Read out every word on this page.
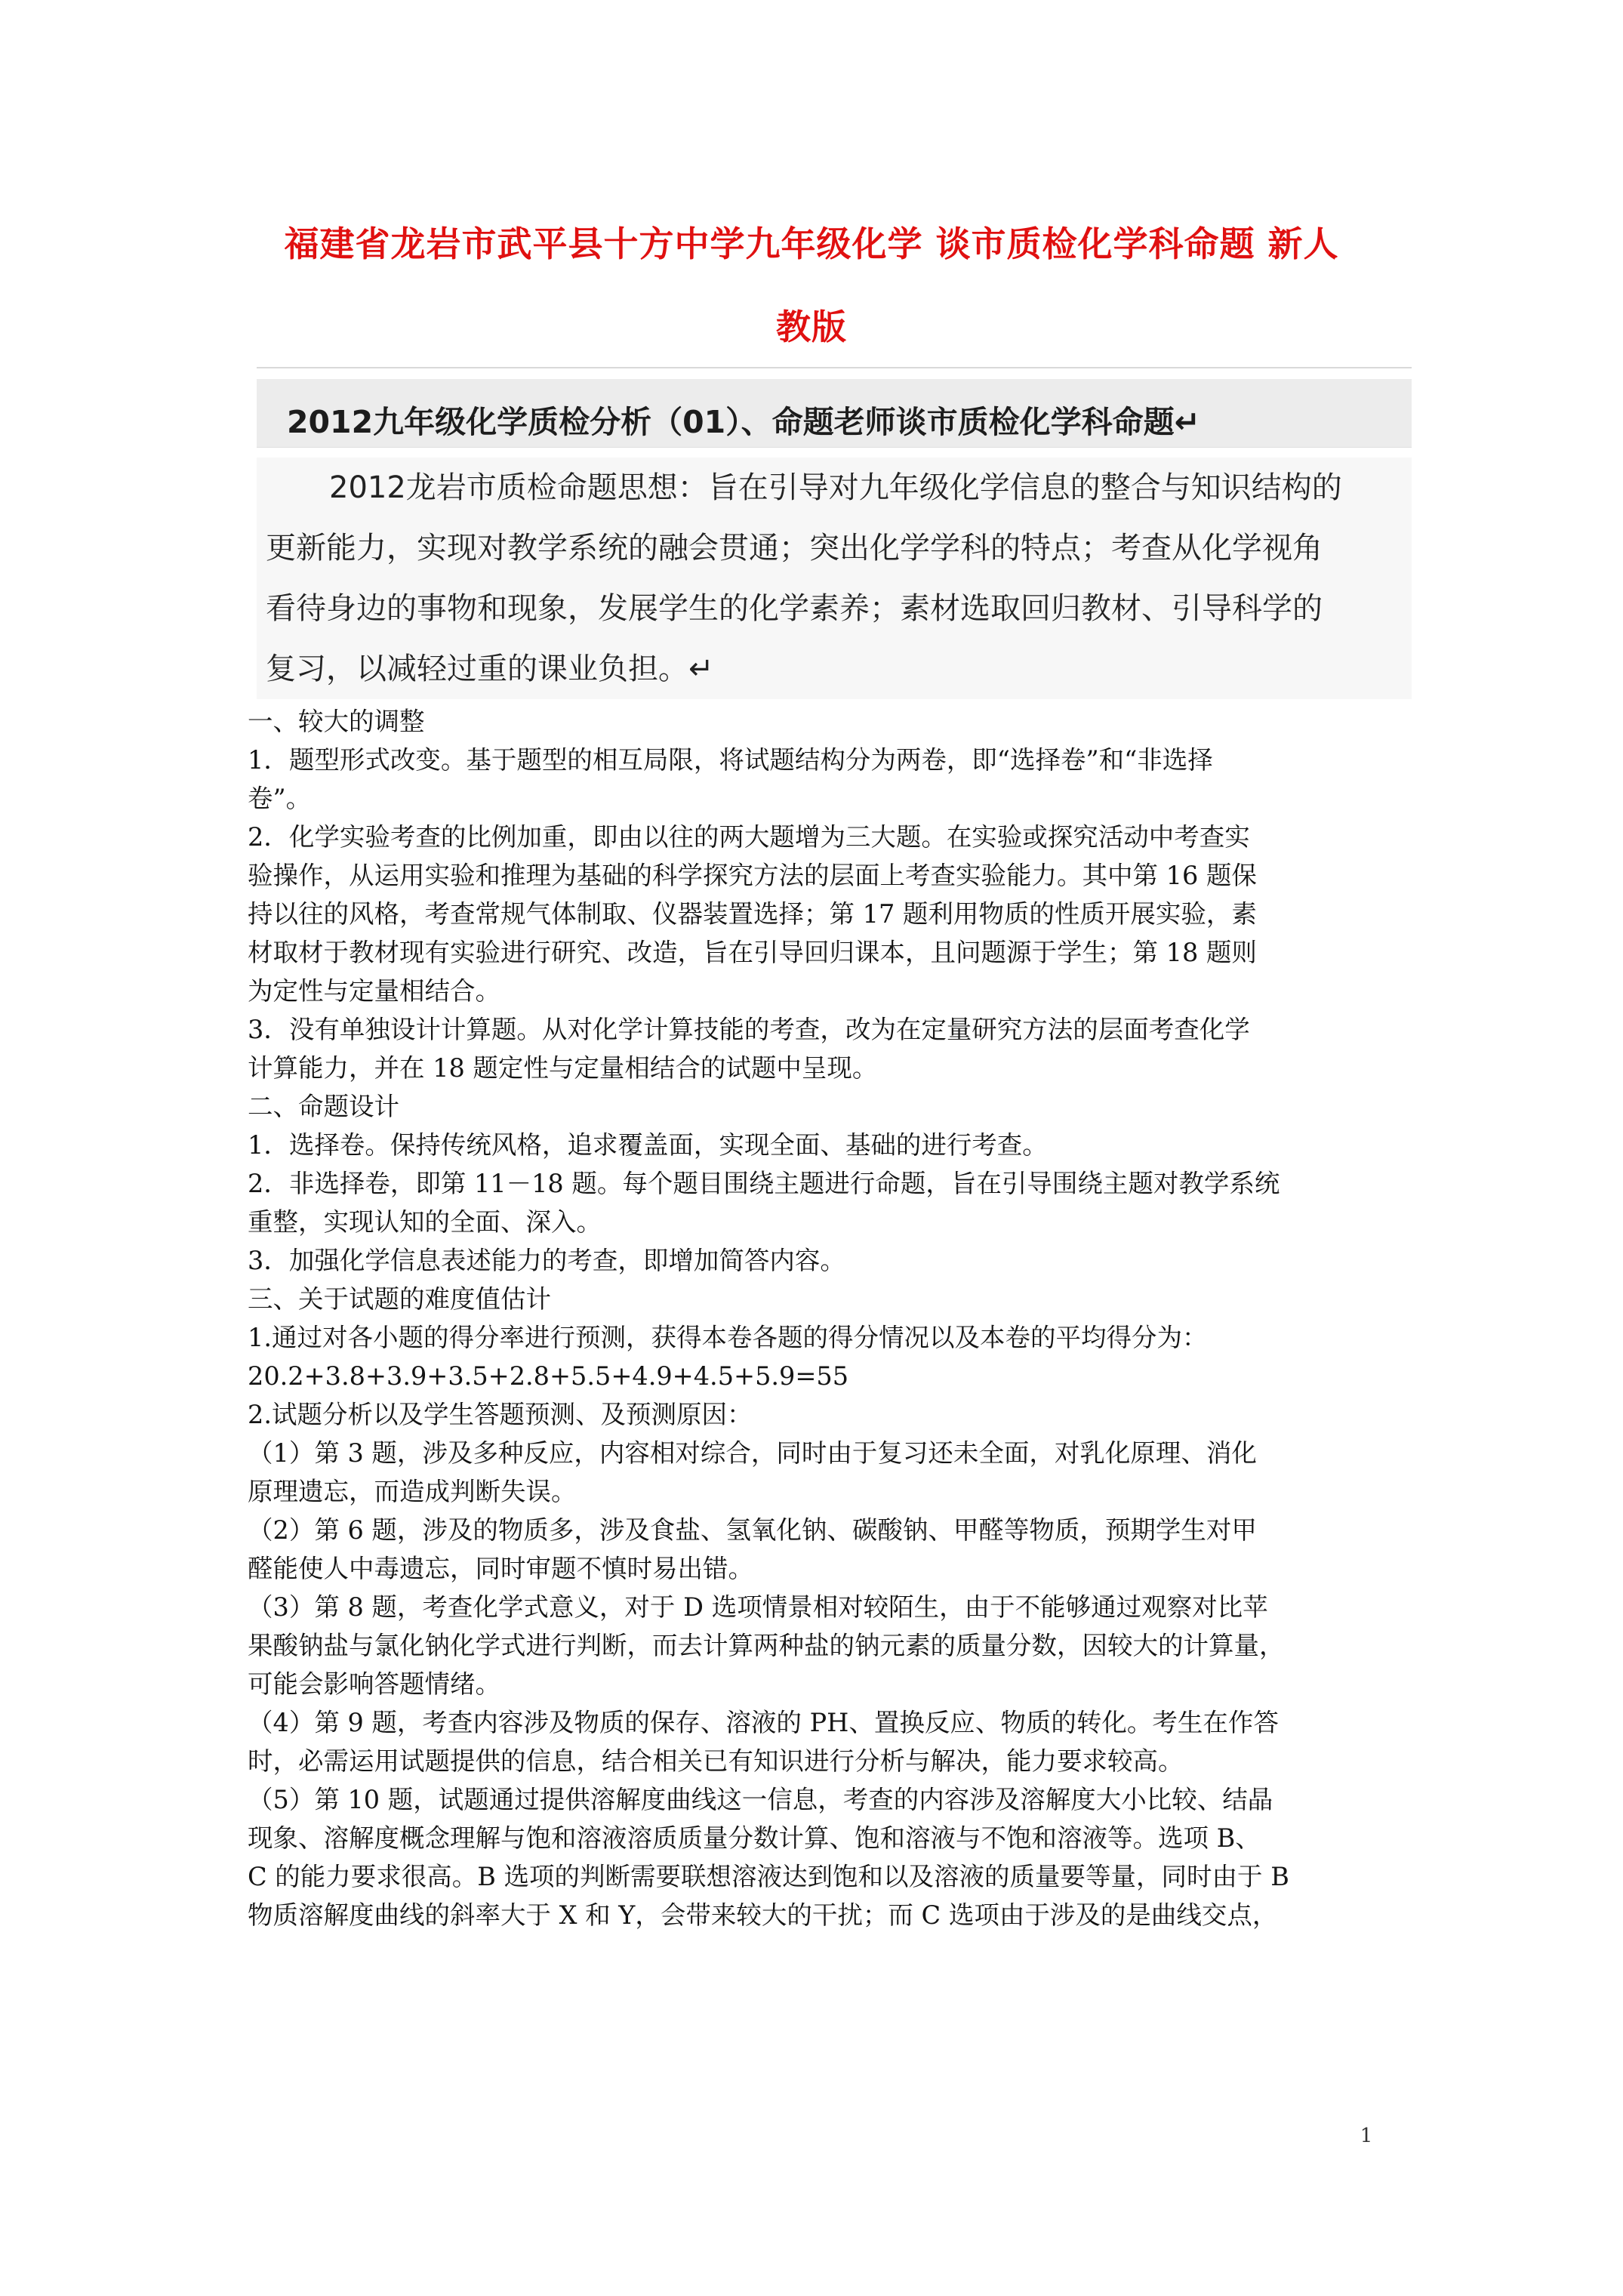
福建省龙岩市武平县十方中学九年级化学 谈市质检化学科命题 新人
教版
2012九年级化学质检分析（01）、命题老师谈市质检化学科命题↵
2012龙岩市质检命题思想：旨在引导对九年级化学信息的整合与知识结构的
更新能力，实现对教学系统的融会贯通；突出化学学科的特点；考查从化学视角
看待身边的事物和现象，发展学生的化学素养；素材选取回归教材、引导科学的
复习，以减轻过重的课业负担。↵

一、较大的调整

1．题型形式改变。基于题型的相互局限，将试题结构分为两卷，即“选择卷”和“非选择

卷”。

2．化学实验考查的比例加重，即由以往的两大题增为三大题。在实验或探究活动中考查实

验操作，从运用实验和推理为基础的科学探究方法的层面上考查实验能力。其中第 16 题保

持以往的风格，考查常规气体制取、仪器装置选择；第 17 题利用物质的性质开展实验，素

材取材于教材现有实验进行研究、改造，旨在引导回归课本，且问题源于学生；第 18 题则

为定性与定量相结合。

3．没有单独设计计算题。从对化学计算技能的考查，改为在定量研究方法的层面考查化学

计算能力，并在 18 题定性与定量相结合的试题中呈现。

二、命题设计

1．选择卷。保持传统风格，追求覆盖面，实现全面、基础的进行考查。

2．非选择卷，即第 11－18 题。每个题目围绕主题进行命题，旨在引导围绕主题对教学系统

重整，实现认知的全面、深入。

3．加强化学信息表述能力的考查，即增加简答内容。

三、关于试题的难度值估计

1.通过对各小题的得分率进行预测，获得本卷各题的得分情况以及本卷的平均得分为：

20.2+3.8+3.9+3.5+2.8+5.5+4.9+4.5+5.9=55

2.试题分析以及学生答题预测、及预测原因：

（1）第 3 题，涉及多种反应，内容相对综合，同时由于复习还未全面，对乳化原理、消化

原理遗忘，而造成判断失误。

（2）第 6 题，涉及的物质多，涉及食盐、氢氧化钠、碳酸钠、甲醛等物质，预期学生对甲

醛能使人中毒遗忘，同时审题不慎时易出错。

（3）第 8 题，考查化学式意义，对于 D 选项情景相对较陌生，由于不能够通过观察对比苹

果酸钠盐与氯化钠化学式进行判断，而去计算两种盐的钠元素的质量分数，因较大的计算量，

可能会影响答题情绪。

（4）第 9 题，考查内容涉及物质的保存、溶液的 PH、置换反应、物质的转化。考生在作答

时，必需运用试题提供的信息，结合相关已有知识进行分析与解决，能力要求较高。

（5）第 10 题，试题通过提供溶解度曲线这一信息，考查的内容涉及溶解度大小比较、结晶

现象、溶解度概念理解与饱和溶液溶质质量分数计算、饱和溶液与不饱和溶液等。选项 B、

C 的能力要求很高。B 选项的判断需要联想溶液达到饱和以及溶液的质量要等量，同时由于 B

物质溶解度曲线的斜率大于 X 和 Y，会带来较大的干扰；而 C 选项由于涉及的是曲线交点，

1
